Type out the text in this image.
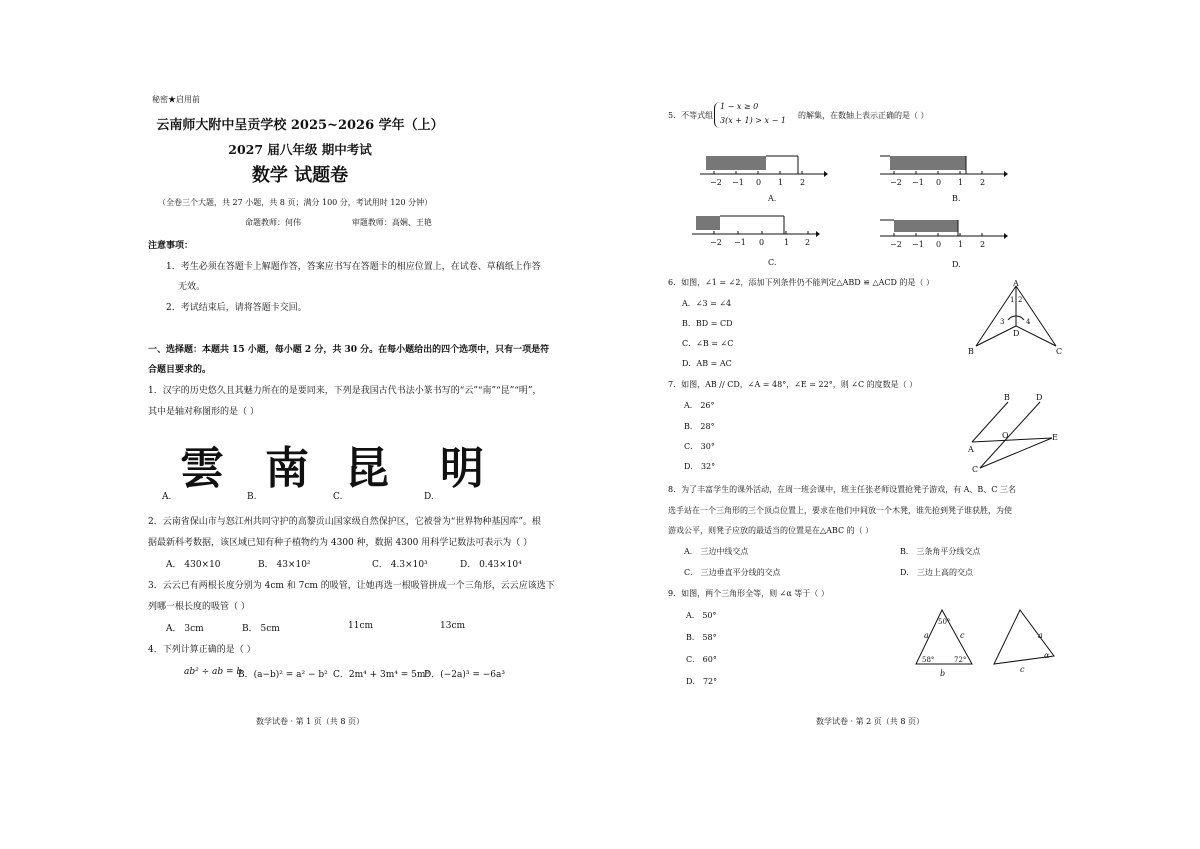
秘密★启用前
云南师大附中呈贡学校 2025~2026 学年（上）
2027 届八年级 期中考试
数学 试题卷
（全卷三个大题，共 27 小题，共 8 页；满分 100 分，考试用时 120 分钟）
命题教师：何伟                    审题教师：高娴、王艳
注意事项：
1．考生必须在答题卡上解题作答，答案应书写在答题卡的相应位置上，在试卷、草稿纸上作答
无效。
2．考试结束后，请将答题卡交回。
一、选择题：本题共 15 小题，每小题 2 分，共 30 分。在每小题给出的四个选项中，只有一项是符
合题目要求的。
1．汉字的历史悠久且其魅力所在的是要同来，下列是我国古代书法小篆书写的“云”“南”“昆”“明”，
其中是轴对称图形的是（ ）
雲 南 昆 明
A.	B.	C.	D.
2．云南省保山市与怒江州共同守护的高黎贡山国家级自然保护区，它被誉为“世界物种基因库”。根
据最新科考数据，该区域已知有种子植物约为 4300 种，数据 4300 用科学记数法可表示为（ ）
A． 430×10	B． 43×10²	C． 4.3×10³	D． 0.43×10⁴
3．云云已有两根长度分别为 4cm 和 7cm 的吸管，让她再选一根吸管拼成一个三角形，云云应该选下
列哪一根长度的吸管（ ）
A． 3cm	B． 5cm	11cm	13cm
4．下列计算正确的是（ ）
ab² ÷ ab = b
B．(a−b)² = a² − b² C．2m⁴ + 3m⁴ = 5m⁸
D．(−2a)³ = −6a³
数学试卷 · 第 1 页（共 8 页）
5．不等式组
1 − x ≥ 0
3(x + 1) > x − 1
的解集，在数轴上表示正确的是（ ）
−2 −1 0 1 2
A.
−2 −1 0 1 2
B.
−2 −1 0 1 2
C.
−2 −1 0 1 2
D.
6．如图，∠1 = ∠2，添加下列条件仍不能判定△ABD ≌ △ACD 的是（ ）
A．∠3 = ∠4
B．BD = CD
C．∠B = ∠C
D．AB = AC
A
B	C
D
1 2
3	4
7．如图，AB // CD，∠A = 48°，∠E = 22°，则 ∠C 的度数是（ ）
A． 26°
B． 28°
C． 30°
D． 32°
A
B
C
D
E
O
8．为了丰富学生的课外活动，在周一班会课中，班主任张老师设置抢凳子游戏，有 A、B、C 三名
选手站在一个三角形的三个顶点位置上，要求在他们中间放一个木凳，谁先抢到凳子谁获胜，为使
游戏公平，则凳子应放的最适当的位置是在△ABC 的（ ）
A． 三边中线交点	B． 三条角平分线交点
C． 三边垂直平分线的交点	D． 三边上高的交点
9．如图，两个三角形全等，则 ∠α 等于（ ）
A． 50°
B． 58°
C． 60°
D． 72°
a	c
b
50°
58°	72°
a
c
α
数学试卷 · 第 2 页（共 8 页）
